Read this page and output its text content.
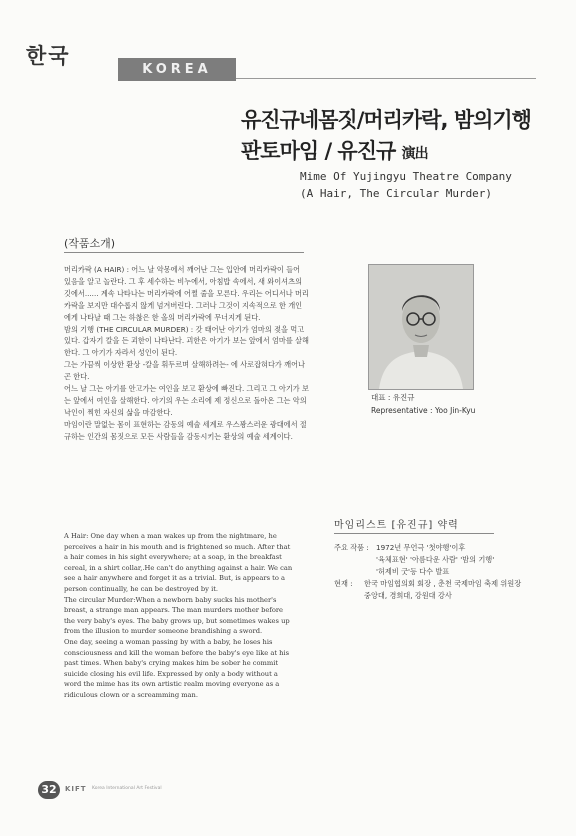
한국
KOREA
유진규네몸짓/머리카락, 밤의기행
판토마임 / 유진규 演出
Mime Of Yujingyu Theatre Company
(A Hair, The Circular Murder)
(작품소개)

머리카락 (A HAIR) : 어느 날 악몽에서 깨어난 그는 입안에 머리카락이 들어 있음을 알고 놀란다. 그 후 세수하는 비누에서, 아침밥 속에서, 새 와이셔츠의 깃에서...... 계속 나타나는 머리카락에 어쩔 줄을 모른다. 우리는 어디서나 머리카락을 보지만 대수롭지 않게 넘겨버린다. 그러나 그것이 지속적으로 한 개인에게 나타날 때 그는 하찮은 한 올의 머리카락에 무너지게 된다.

밤의 기행 (THE CIRCULAR MURDER) : 갓 태어난 아기가 엄마의 젖을 먹고 있다. 갑자기 칼을 든 괴한이 나타난다. 괴한은 아기가 보는 앞에서 엄마를 살해한다. 그 아기가 자라서 성인이 된다.

그는 가끔씩 이상한 환상 -칼을 휘두르며 살해하려는- 에 사로잡혀다가 깨어나곤 한다.

어느 날 그는 아기를 안고가는 여인을 보고 환상에 빠진다. 그리고 그 아기가 보는 앞에서 여인을 살해한다. 아기의 우는 소리에 제 정신으로 돌아온 그는 악의 낙인이 찍힌 자신의 삶을 마감한다.

마임이란 말없는 몸이 표현하는 감동의 예술 세계로 우스꽝스러운 광대에서 절규하는 인간의 몸짓으로 모든 사람들을 감동시키는 환상의 예술 세계이다.

대표 : 유진규
Representative : Yoo Jin-Kyu
마임리스트 [유진규] 약력
주요 작품 :	1972년 무언극 '첫야행'이후
'육체표현' '아름다운 사람' '밤의 기행'
'허제비 굿'등 다수 발표
현재 :	한국 마임협의회 회장 , 춘천 국제마임 축제 위원장
중앙대, 경희대, 강원대 강사

A Hair: One day when a man wakes up from the nightmare, he perceives a hair in his mouth and is frightened so much. After that a hair comes in his sight everywhere; at a soap, in the breakfast cereal, in a shirt collar,.He can't do anything against a hair. We can see a hair anywhere and forget it as a trivial. But, is appears to a person continually, he can be destroyed by it.

The circular Murder:When a newborn baby sucks his mother's breast, a strange man appears. The man murders mother before the very baby's eyes. The baby grows up, but sometimes wakes up from the illusion to murder someone brandishing a sword.

One day, seeing a woman passing by with a baby, he loses his consciousness and kill the woman before the baby's eye like at his past times. When baby's crying makes him be sober he commit suicide closing his evil life. Expressed by only a body without a word the mime has its own artistic realm moving everyone as a ridiculous clown or a screamming man.

32	KIFT Korea International Art Festival
